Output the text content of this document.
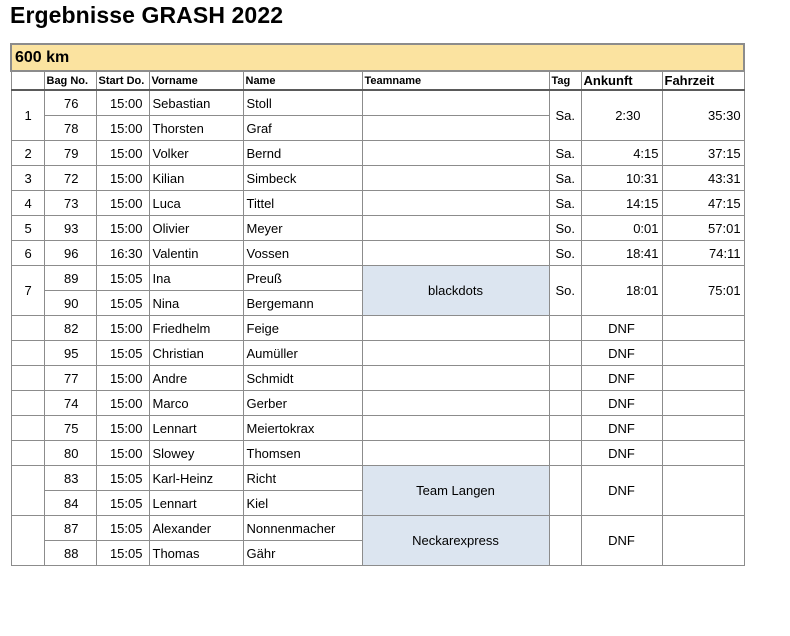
Ergebnisse GRASH 2022
600 km								
	Bag No.	Start Do.	Vorname	Name	Teamname	Tag	Ankunft	Fahrzeit
1	76	15:00	Sebastian	Stoll		Sa.	2:30	35:30
	78	15:00	Thorsten	Graf				
2	79	15:00	Volker	Bernd		Sa.	4:15	37:15
3	72	15:00	Kilian	Simbeck		Sa.	10:31	43:31
4	73	15:00	Luca	Tittel		Sa.	14:15	47:15
5	93	15:00	Olivier	Meyer		So.	0:01	57:01
6	96	16:30	Valentin	Vossen		So.	18:41	74:11
7	89	15:05	Ina	Preuß	blackdots	So.	18:01	75:01
	90	15:05	Nina	Bergemann				
	82	15:00	Friedhelm	Feige			DNF	
	95	15:05	Christian	Aumüller			DNF	
	77	15:00	Andre	Schmidt			DNF	
	74	15:00	Marco	Gerber			DNF	
	75	15:00	Lennart	Meiertokrax			DNF	
	80	15:00	Slowey	Thomsen			DNF	
	83	15:05	Karl-Heinz	Richt	Team Langen		DNF	
	84	15:05	Lennart	Kiel				
	87	15:05	Alexander	Nonnenmacher	Neckarexpress		DNF	
	88	15:05	Thomas	Gähr				
